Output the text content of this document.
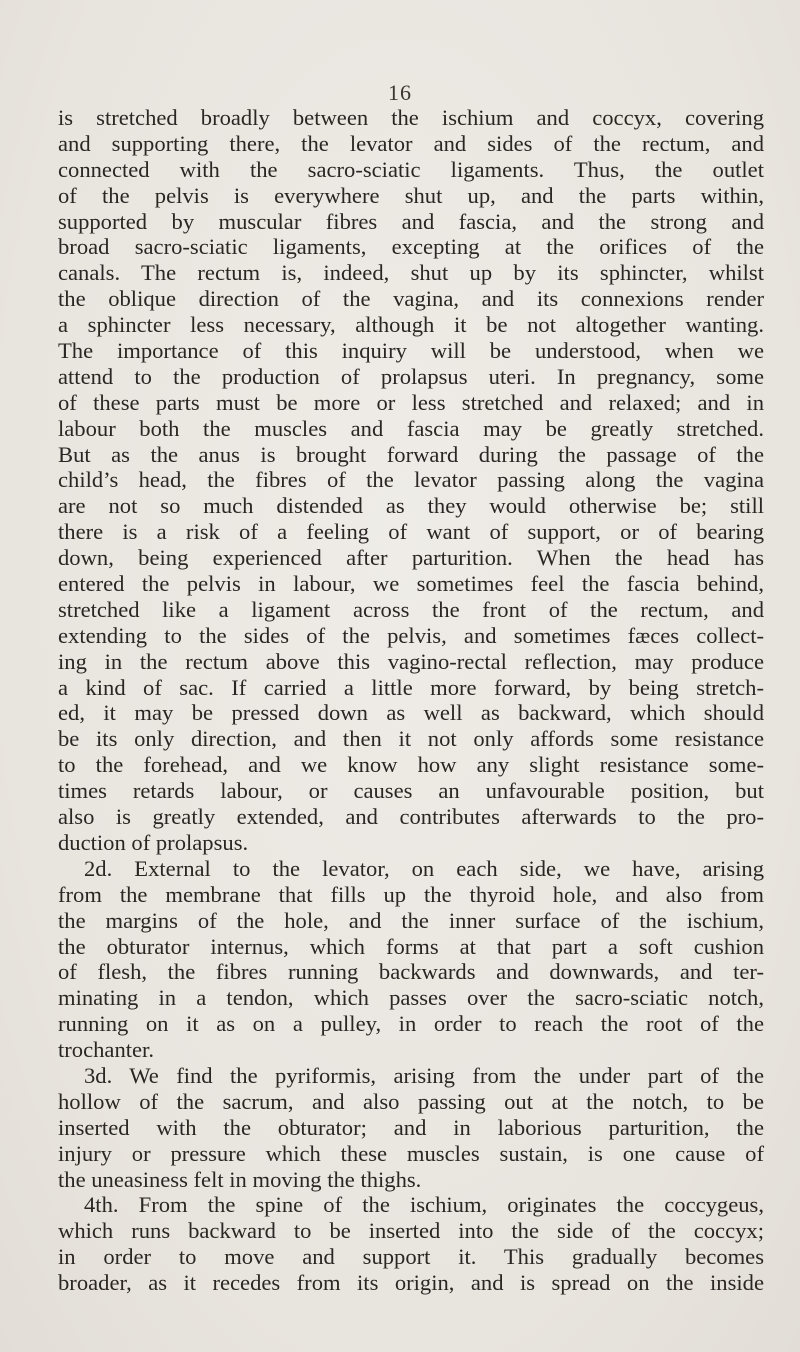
16
is stretched broadly between the ischium and coccyx, covering
and supporting there, the levator and sides of the rectum, and
connected with the sacro-sciatic ligaments. Thus, the outlet
of the pelvis is everywhere shut up, and the parts within,
supported by muscular fibres and fascia, and the strong and
broad sacro-sciatic ligaments, excepting at the orifices of the
canals. The rectum is, indeed, shut up by its sphincter, whilst
the oblique direction of the vagina, and its connexions render
a sphincter less necessary, although it be not altogether wanting.
The importance of this inquiry will be understood, when we
attend to the production of prolapsus uteri. In pregnancy, some
of these parts must be more or less stretched and relaxed; and in
labour both the muscles and fascia may be greatly stretched.
But as the anus is brought forward during the passage of the
child’s head, the fibres of the levator passing along the vagina
are not so much distended as they would otherwise be; still
there is a risk of a feeling of want of support, or of bearing
down, being experienced after parturition. When the head has
entered the pelvis in labour, we sometimes feel the fascia behind,
stretched like a ligament across the front of the rectum, and
extending to the sides of the pelvis, and sometimes fæces collect-
ing in the rectum above this vagino-rectal reflection, may produce
a kind of sac. If carried a little more forward, by being stretch-
ed, it may be pressed down as well as backward, which should
be its only direction, and then it not only affords some resistance
to the forehead, and we know how any slight resistance some-
times retards labour, or causes an unfavourable position, but
also is greatly extended, and contributes afterwards to the pro-
duction of prolapsus.
2d. External to the levator, on each side, we have, arising
from the membrane that fills up the thyroid hole, and also from
the margins of the hole, and the inner surface of the ischium,
the obturator internus, which forms at that part a soft cushion
of flesh, the fibres running backwards and downwards, and ter-
minating in a tendon, which passes over the sacro-sciatic notch,
running on it as on a pulley, in order to reach the root of the
trochanter.
3d. We find the pyriformis, arising from the under part of the
hollow of the sacrum, and also passing out at the notch, to be
inserted with the obturator; and in laborious parturition, the
injury or pressure which these muscles sustain, is one cause of
the uneasiness felt in moving the thighs.
4th. From the spine of the ischium, originates the coccygeus,
which runs backward to be inserted into the side of the coccyx;
in order to move and support it. This gradually becomes
broader, as it recedes from its origin, and is spread on the inside
